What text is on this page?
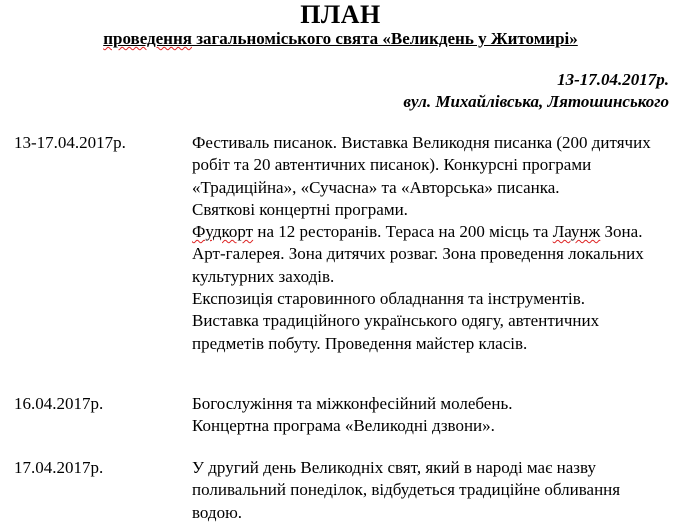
ПЛАН
проведення загальноміського свята «Великдень у Житомирі»
13-17.04.2017р.
вул. Михайлівська, Лятошинського
13-17.04.2017р.	Фестиваль писанок. Виставка Великодня писанка (200 дитячих робіт та 20 автентичних писанок). Конкурсні програми «Традиційна», «Сучасна» та «Авторська» писанка.

Святкові концертні програми.

Фудкорт на 12 ресторанів. Тераса на 200 місць та Лаунж Зона. Арт-галерея. Зона дитячих розваг. Зона проведення локальних культурних заходів.

Експозиція старовинного обладнання та інструментів.

Виставка традиційного українського одягу, автентичних предметів побуту. Проведення майстер класів.

16.04.2017р.	Богослужіння та міжконфесійний молебень.

Концертна програма «Великодні дзвони».

17.04.2017р.	У другий день Великодніх свят, який в народі має назву поливальний понеділок, відбудеться традиційне обливання водою.
